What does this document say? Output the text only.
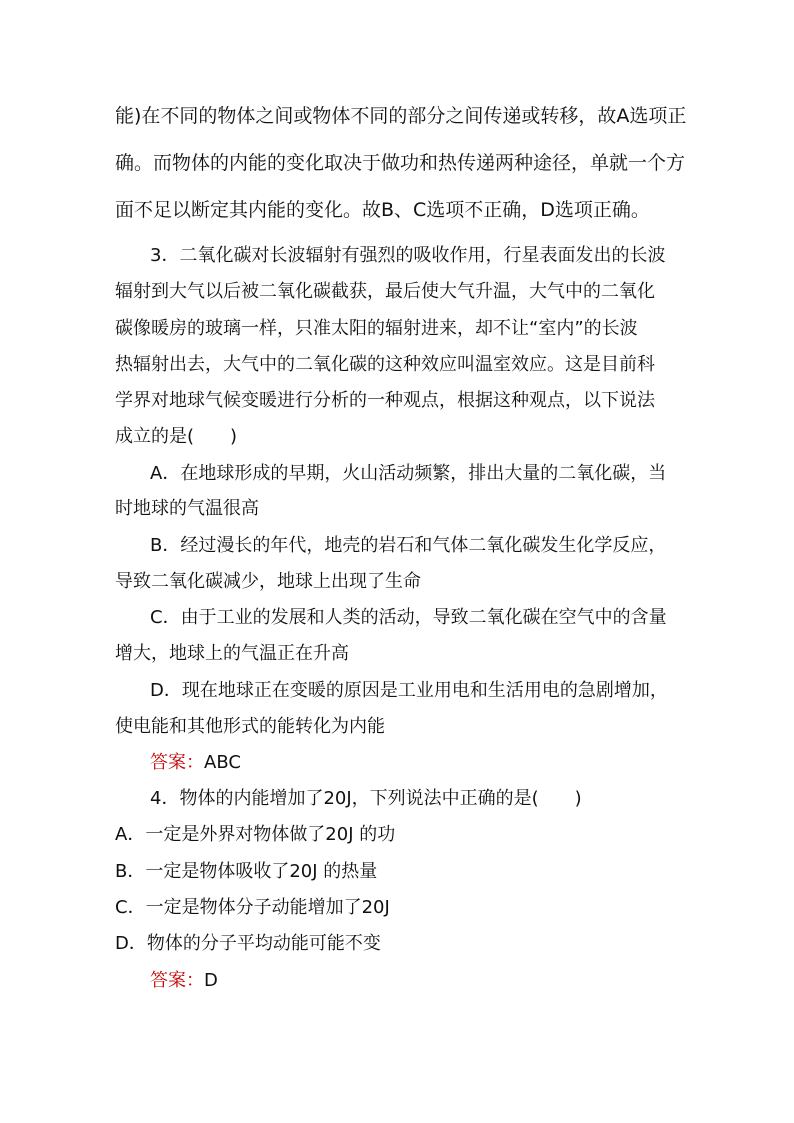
能)在不同的物体之间或物体不同的部分之间传递或转移，故A选项正
确。而物体的内能的变化取决于做功和热传递两种途径，单就一个方
面不足以断定其内能的变化。故B、C选项不正确，D选项正确。
3．二氧化碳对长波辐射有强烈的吸收作用，行星表面发出的长波
辐射到大气以后被二氧化碳截获，最后使大气升温，大气中的二氧化
碳像暖房的玻璃一样，只准太阳的辐射进来，却不让“室内”的长波
热辐射出去，大气中的二氧化碳的这种效应叫温室效应。这是目前科
学界对地球气候变暖进行分析的一种观点，根据这种观点，以下说法
成立的是(　　)
A．在地球形成的早期，火山活动频繁，排出大量的二氧化碳，当
时地球的气温很高
B．经过漫长的年代，地壳的岩石和气体二氧化碳发生化学反应，
导致二氧化碳减少，地球上出现了生命
C．由于工业的发展和人类的活动，导致二氧化碳在空气中的含量
增大，地球上的气温正在升高
D．现在地球正在变暖的原因是工业用电和生活用电的急剧增加，
使电能和其他形式的能转化为内能
答案：ABC
4．物体的内能增加了20J，下列说法中正确的是(　　)
A．一定是外界对物体做了20J 的功
B．一定是物体吸收了20J 的热量
C．一定是物体分子动能增加了20J
D．物体的分子平均动能可能不变
答案：D
